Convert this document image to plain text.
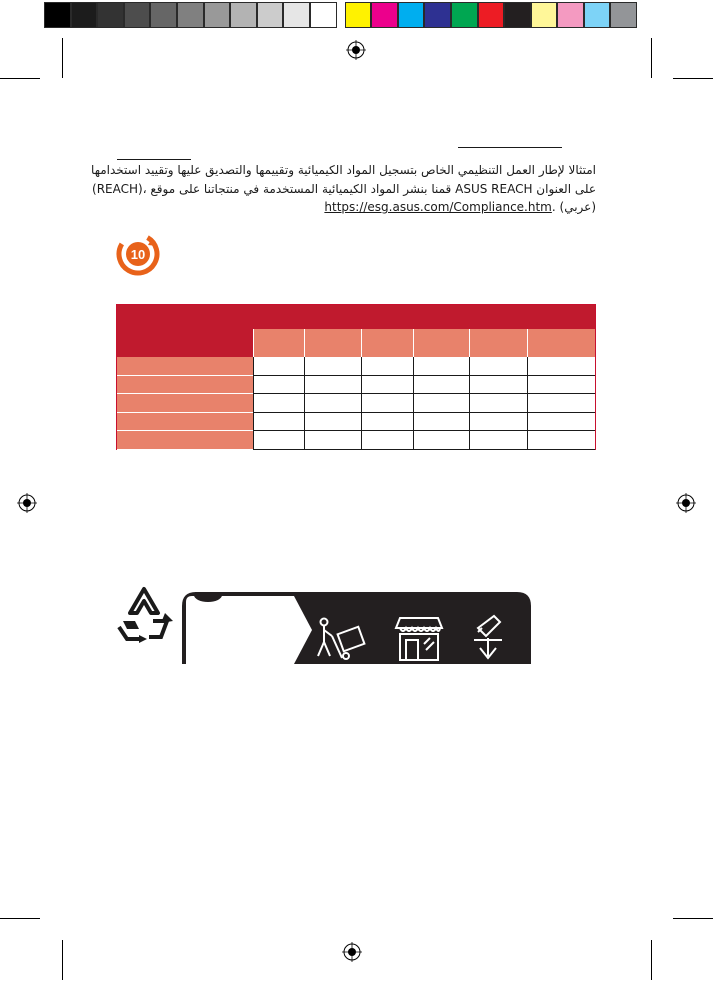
امتثالا لإطار العمل التنظيمي الخاص بتسجيل المواد الكيميائية وتقييمها والتصديق عليها وتقييد استخدامها
(REACH)، قمنا بنشر المواد الكيميائية المستخدمة في منتجاتنا على موقع ASUS REACH على العنوان
https://esg.asus.com/Compliance.htm. (عربي)
10
